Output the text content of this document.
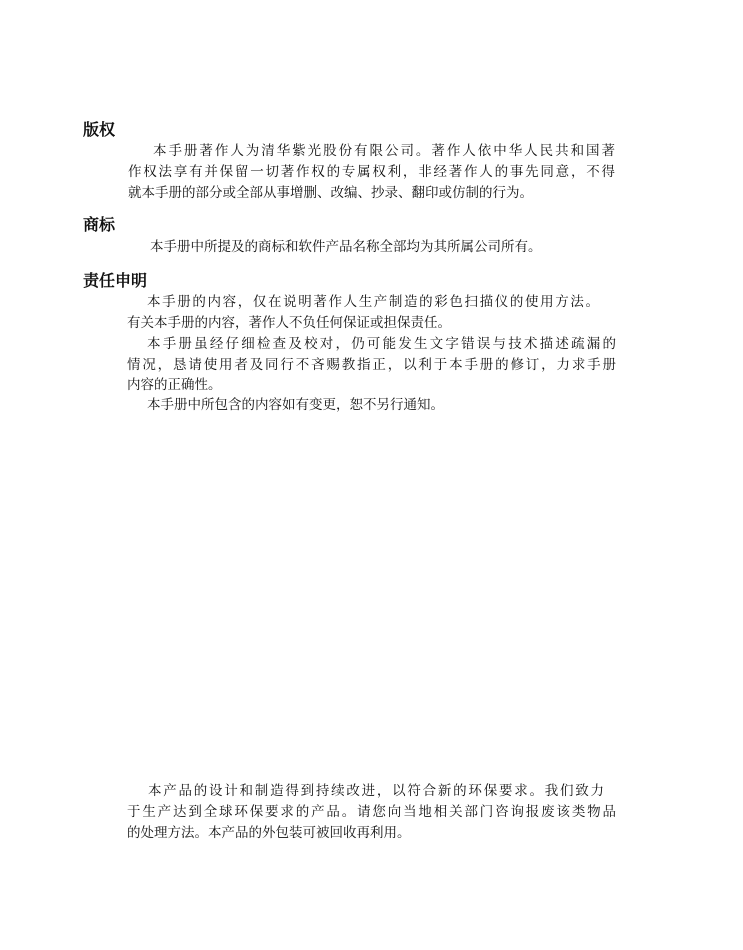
版权

本手册著作人为清华紫光股份有限公司。著作人依中华人民共和国著

作权法享有并保留一切著作权的专属权利，非经著作人的事先同意，不得

就本手册的部分或全部从事增删、改编、抄录、翻印或仿制的行为。

商标

本手册中所提及的商标和软件产品名称全部均为其所属公司所有。

责任申明

本手册的内容，仅在说明著作人生产制造的彩色扫描仪的使用方法。

有关本手册的内容，著作人不负任何保证或担保责任。

本手册虽经仔细检查及校对，仍可能发生文字错误与技术描述疏漏的

情况，恳请使用者及同行不吝赐教指正，以利于本手册的修订，力求手册

内容的正确性。

本手册中所包含的内容如有变更，恕不另行通知。

本产品的设计和制造得到持续改进，以符合新的环保要求。我们致力

于生产达到全球环保要求的产品。请您向当地相关部门咨询报废该类物品

的处理方法。本产品的外包装可被回收再利用。
